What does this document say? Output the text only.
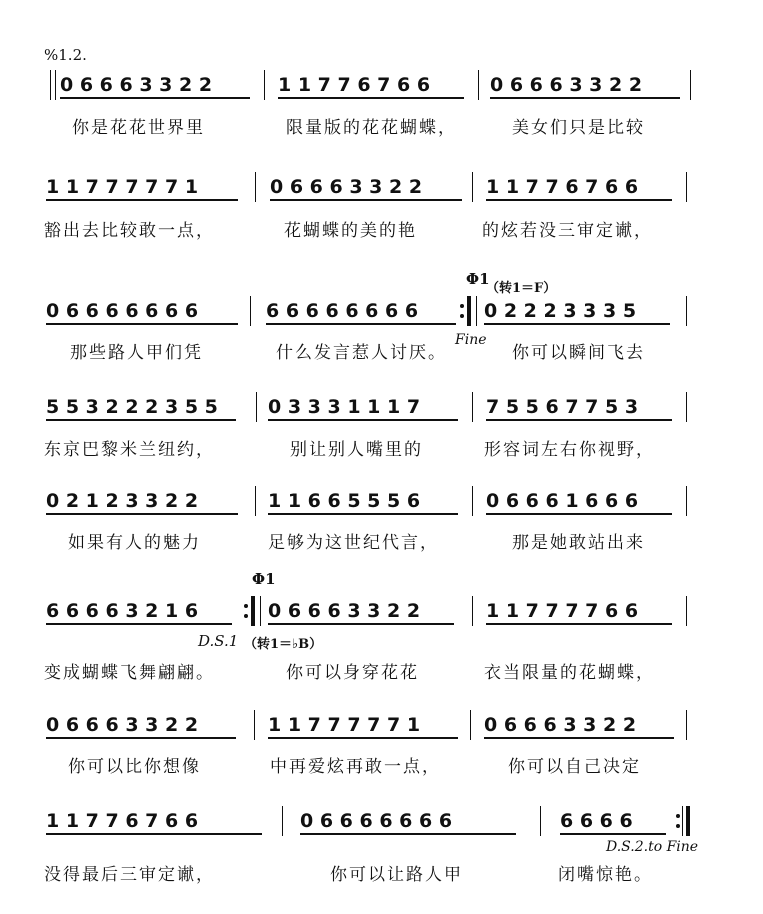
%1.2.
0 6 6 6 3 3 2 2	1 1 7 7 6 7 6 6	0 6 6 6 3 3 2 2
你是花花世界里	限量版的花花蝴蝶，	美女们只是比较
1 1 7 7 7 7 7 1	0 6 6 6 3 3 2 2	1 1 7 7 6 7 6 6
豁出去比较敢一点，	花蝴蝶的美的艳	的炫若没三审定谳，
Φ1
（转1＝F）
0 6 6 6 6 6 6 6	6 6 6 6 6 6 6 6	0 2 2 2 3 3 3 5
Fine
那些路人甲们凭	什么发言惹人讨厌。	你可以瞬间飞去
5 5 3 2 2 2 3 5 5	0 3 3 3 1 1 1 7	7 5 5 6 7 7 5 3
东京巴黎米兰纽约，	别让别人嘴里的	形容词左右你视野，
0 2 1 2 3 3 2 2	1 1 6 6 5 5 5 6	0 6 6 6 1 6 6 6
如果有人的魅力	足够为这世纪代言，	那是她敢站出来
Φ1
6 6 6 6 3 2 1 6	0 6 6 6 3 3 2 2	1 1 7 7 7 7 6 6
D.S.1 （转1＝♭B）
变成蝴蝶飞舞翩翩。	你可以身穿花花	衣当限量的花蝴蝶，
0 6 6 6 3 3 2 2	1 1 7 7 7 7 7 1	0 6 6 6 3 3 2 2
你可以比你想像	中再爱炫再敢一点，	你可以自己决定
1 1 7 7 6 7 6 6	0 6 6 6 6 6 6 6	6 6 6 6
D.S.2.to Fine
没得最后三审定谳，	你可以让路人甲	闭嘴惊艳。
